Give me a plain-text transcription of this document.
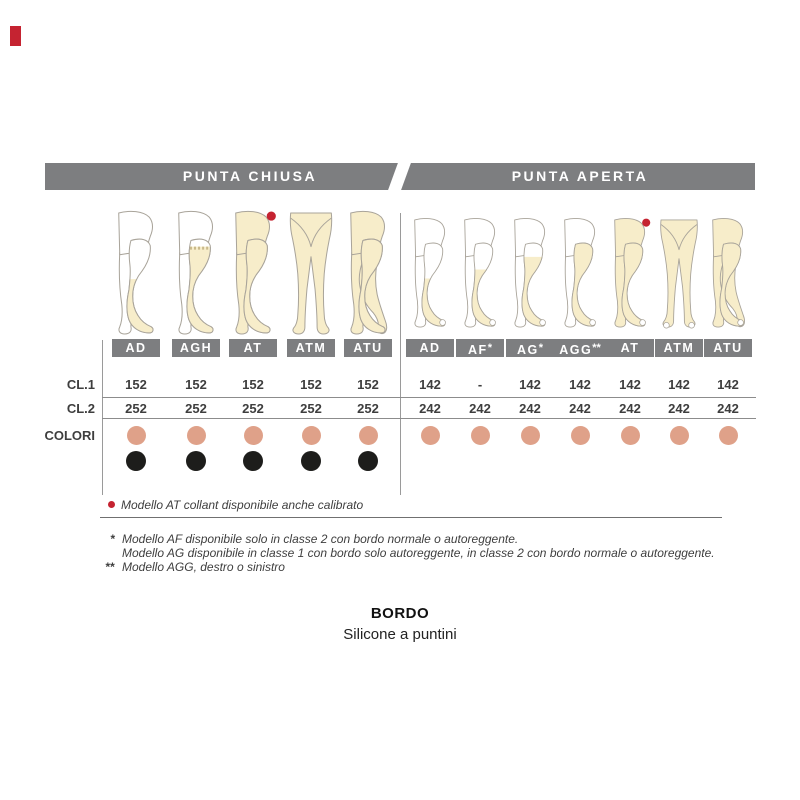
PUNTA CHIUSA	PUNTA APERTA
CL.1
CL.2
COLORI
Modello AT collant disponibile anche calibrato
* Modello AF disponibile solo in classe 2 con bordo normale o autoreggente.
Modello AG disponibile in classe 1 con bordo solo autoreggente, in classe 2 con bordo normale o autoreggente.
** Modello AGG, destro o sinistro
BORDO
Silicone a puntini
AD
152
252
AGH
152
252
AT
152
252
ATM
152
252
ATU
152
252
AD
142
242
AF*
-
242
AG*
142
242
AGG**
142
242
AT
142
242
ATM
142
242
ATU
142
242
